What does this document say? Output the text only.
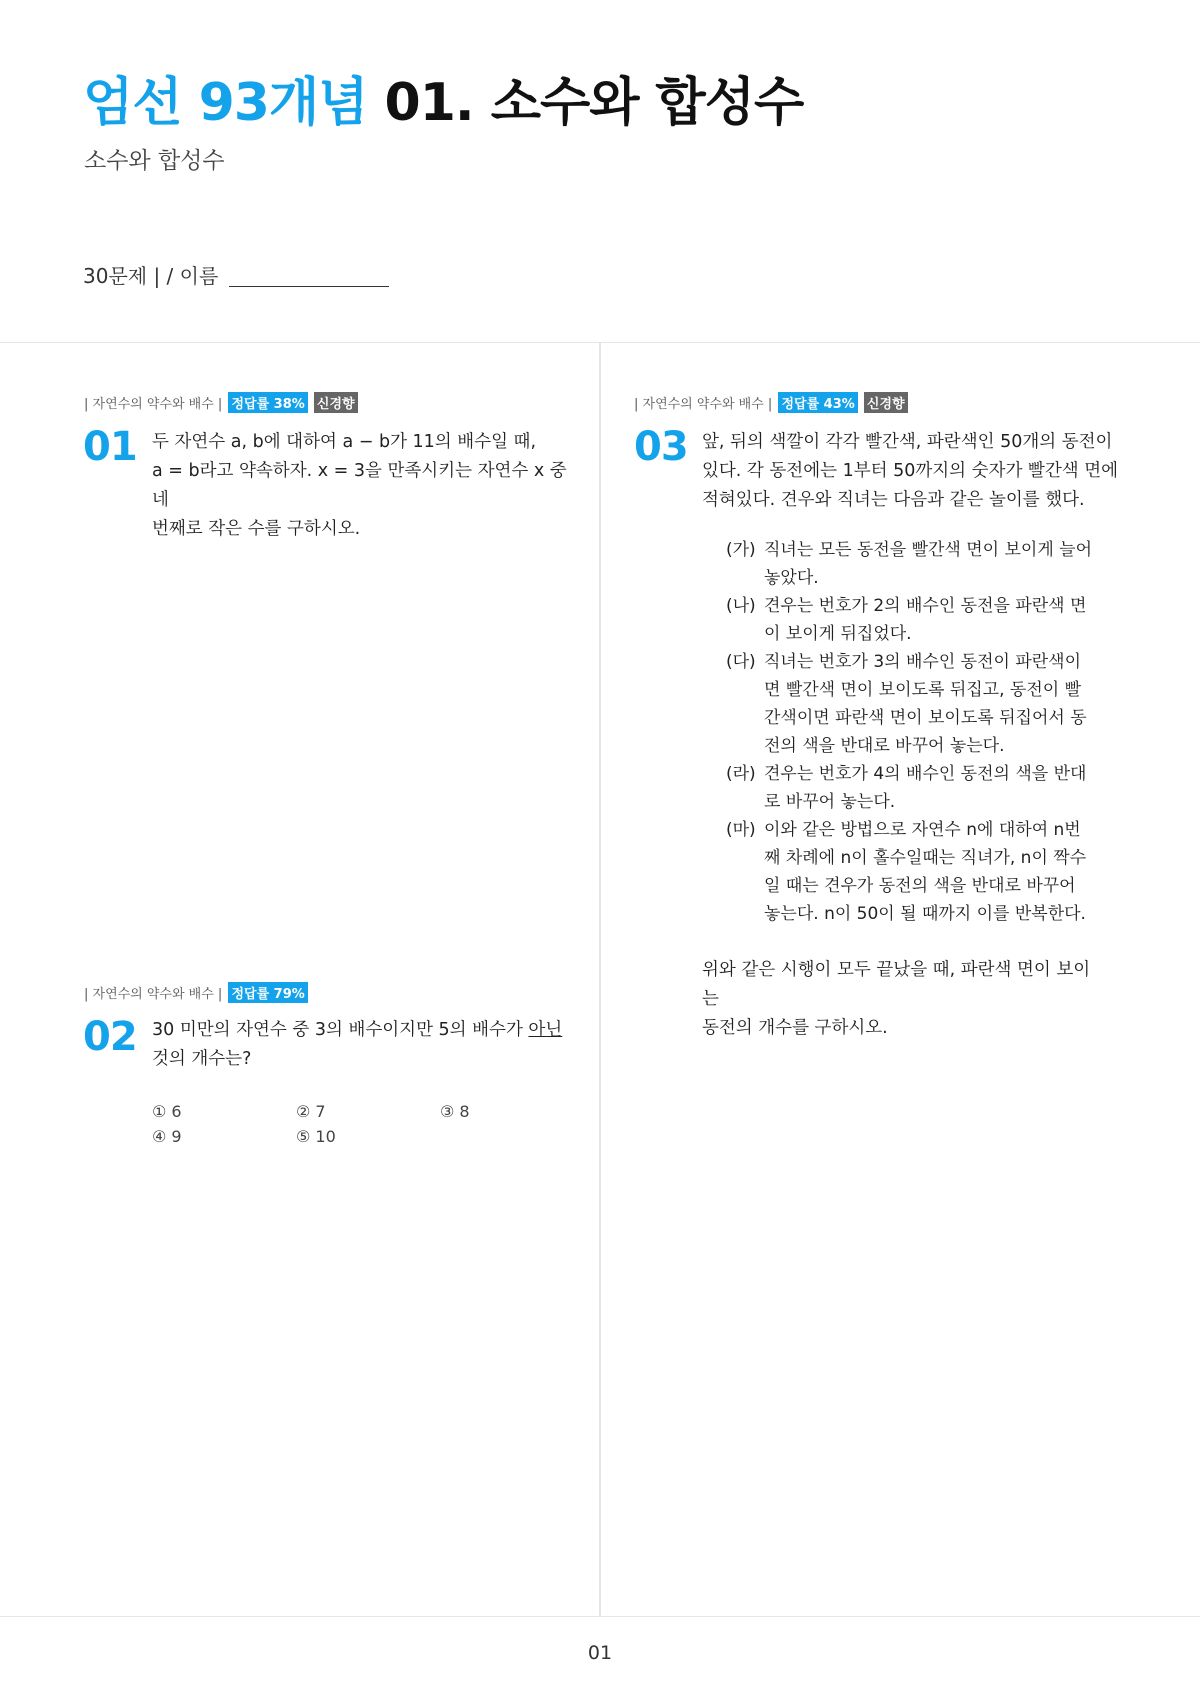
엄선 93개념 01. 소수와 합성수
소수와 합성수
30문제 | / 이름
| 자연수의 약수와 배수 | 정답률 38% 신경향
01 두 자연수 a, b에 대하여 a − b가 11의 배수일 때,
a = b라고 약속하자. x = 3을 만족시키는 자연수 x 중 네
번째로 작은 수를 구하시오.
| 자연수의 약수와 배수 | 정답률 79%
02 30 미만의 자연수 중 3의 배수이지만 5의 배수가 아닌
것의 개수는?
① 6	② 7	③ 8
④ 9	⑤ 10
| 자연수의 약수와 배수 | 정답률 43% 신경향
03 앞, 뒤의 색깔이 각각 빨간색, 파란색인 50개의 동전이
있다. 각 동전에는 1부터 50까지의 숫자가 빨간색 면에
적혀있다. 견우와 직녀는 다음과 같은 놀이를 했다.
(가) 직녀는 모든 동전을 빨간색 면이 보이게 늘어놓았다.
(나) 견우는 번호가 2의 배수인 동전을 파란색 면이 보이게 뒤집었다.
(다) 직녀는 번호가 3의 배수인 동전이 파란색이면 빨간색 면이 보이도록 뒤집고, 동전이 빨간색이면 파란색 면이 보이도록 뒤집어서 동전의 색을 반대로 바꾸어 놓는다.
(라) 견우는 번호가 4의 배수인 동전의 색을 반대로 바꾸어 놓는다.
(마) 이와 같은 방법으로 자연수 n에 대하여 n번째 차례에 n이 홀수일때는 직녀가, n이 짝수일 때는 견우가 동전의 색을 반대로 바꾸어 놓는다. n이 50이 될 때까지 이를 반복한다.
위와 같은 시행이 모두 끝났을 때, 파란색 면이 보이는
동전의 개수를 구하시오.
01
